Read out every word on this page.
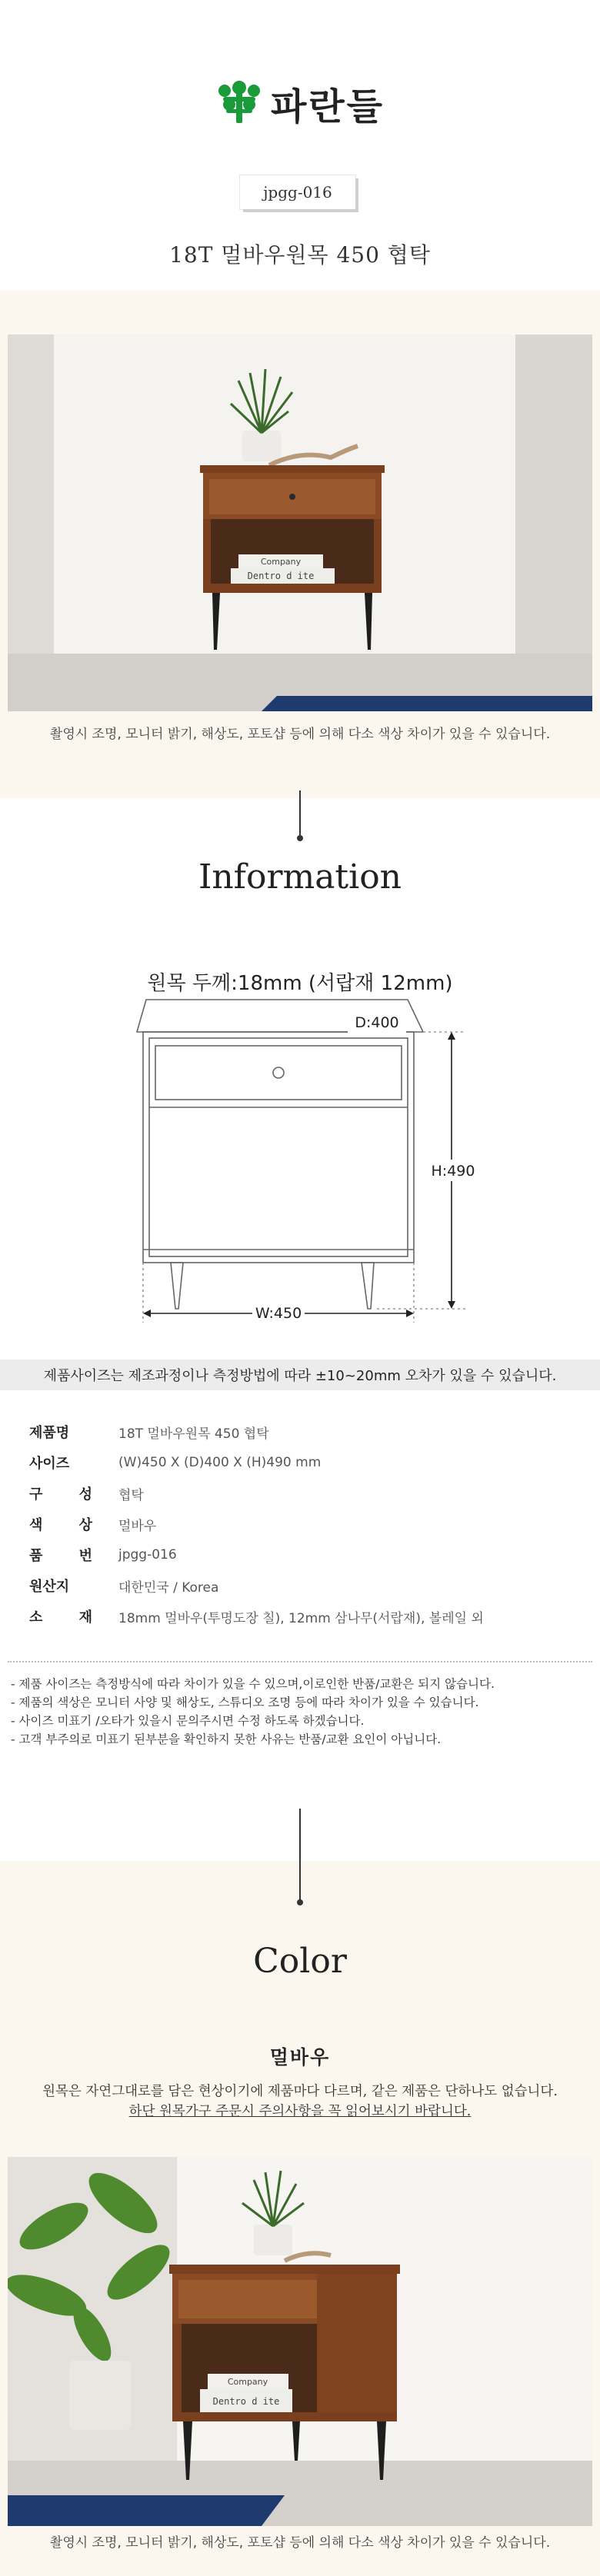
파란들
jpgg-016
18T 멀바우원목 450 협탁
Company
Dentro d ite
촬영시 조명, 모니터 밝기, 해상도, 포토샵 등에 의해 다소 색상 차이가 있을 수 있습니다.
Information
원목 두께:18mm (서랍재 12mm)
D:400
H:490
W:450
제품사이즈는 제조과정이나 측정방법에 따라 ±10~20mm 오차가 있을 수 있습니다.
제품명	18T 멀바우원목 450 협탁
사이즈	(W)450 X (D)400 X (H)490 mm
구 성 협탁
색 상 멀바우
품 번 jpgg-016
원산지	대한민국 / Korea
소 재 18mm 멀바우(투명도장 칠), 12mm 삼나무(서랍재), 볼레일 외
- 제품 사이즈는 측정방식에 따라 차이가 있을 수 있으며,이로인한 반품/교환은 되지 않습니다.
- 제품의 색상은 모니터 사양 및 해상도, 스튜디오 조명 등에 따라 차이가 있을 수 있습니다.
- 사이즈 미표기 /오타가 있을시 문의주시면 수정 하도록 하겠습니다.
- 고객 부주의로 미표기 된부분을 확인하지 못한 사유는 반품/교환 요인이 아닙니다.
Color
멀바우
원목은 자연그대로를 담은 현상이기에 제품마다 다르며, 같은 제품은 단하나도 없습니다.
하단 원목가구 주문시 주의사항을 꼭 읽어보시기 바랍니다.
Company
Dentro d ite
촬영시 조명, 모니터 밝기, 해상도, 포토샵 등에 의해 다소 색상 차이가 있을 수 있습니다.
